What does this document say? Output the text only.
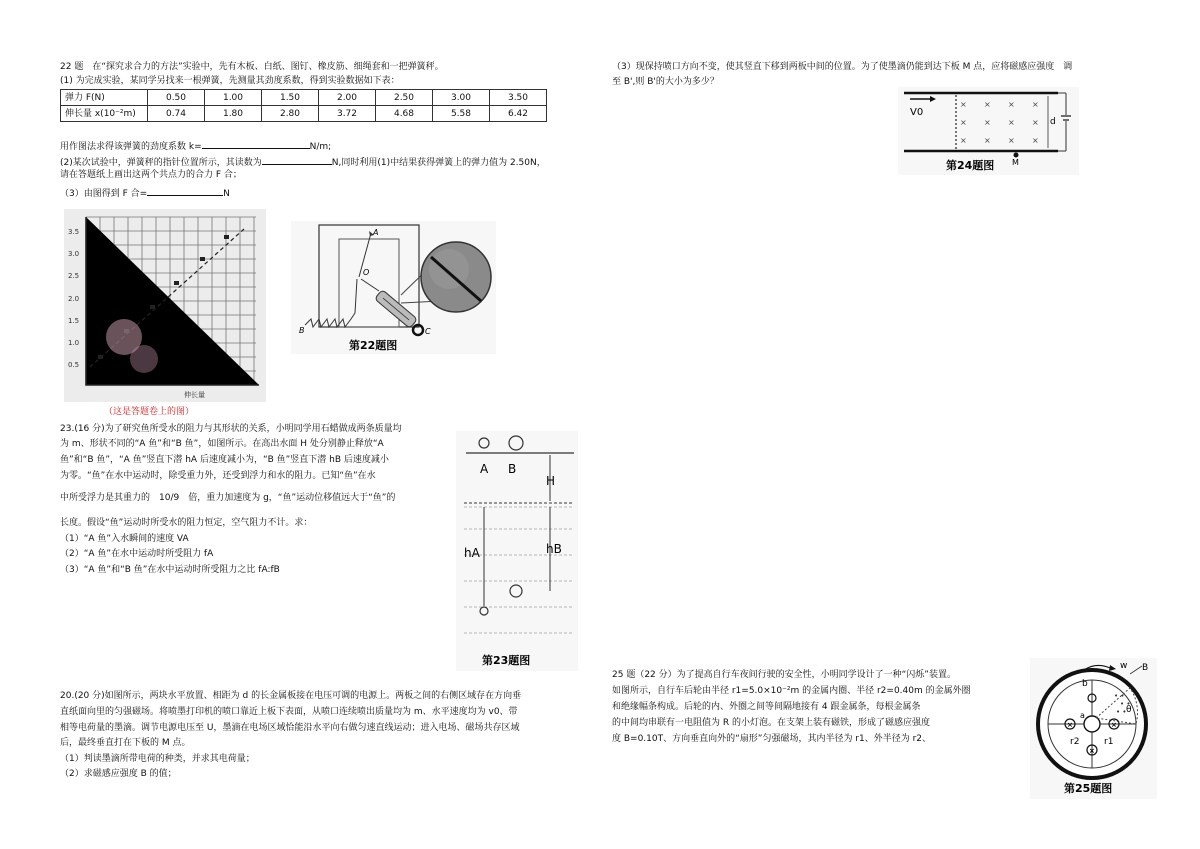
22 题　在“探究求合力的方法”实验中，先有木板、白纸、图钉、橡皮筋、细绳套和一把弹簧秤。
(1) 为完成实验，某同学另找来一根弹簧，先测量其劲度系数，得到实验数据如下表：
弹力 F(N)	0.50	1.00	1.50	2.00	2.50	3.00	3.50
伸长量 x(10⁻²m)	0.74	1.80	2.80	3.72	4.68	5.58	6.42
用作图法求得该弹簧的劲度系数 k=	N/m;
(2)某次试验中，弹簧秤的指针位置所示，其读数为	N,同时利用(1)中结果获得弹簧上的弹力值为 2.50N，
请在答题纸上画出这两个共点力的合力 F 合；
（3）由图得到 F 合=	N
3.5
3.0
2.5
2.0
1.5
1.0
0.5
伸长量
（这是答题卷上的图）
A
O
B	C
第22题图
23.(16 分)为了研究鱼所受水的阻力与其形状的关系，小明同学用石蜡做成两条质量均
为 m、形状不同的“A 鱼”和“B 鱼”，如图所示。在高出水面 H 处分别静止释放“A
鱼”和“B 鱼”，“A 鱼”竖直下潜 hA 后速度减小为，“B 鱼”竖直下潜 hB 后速度减小
为零。“鱼”在水中运动时，除受重力外，还受到浮力和水的阻力。已知“鱼”在水
中所受浮力是其重力的　10/9　倍，重力加速度为 g，“鱼”运动位移值远大于“鱼”的
长度。假设“鱼”运动时所受水的阻力恒定，空气阻力不计。求：
（1）“A 鱼”入水瞬间的速度 VA
（2）“A 鱼”在水中运动时所受阻力 fA
（3）“A 鱼”和“B 鱼”在水中运动时所受阻力之比 fA:fB
A B
H
hB
hA
第23题图
20.(20 分)如图所示，两块水平放置、相距为 d 的长金属板接在电压可调的电源上。两板之间的右侧区域存在方向垂
直纸面向里的匀强磁场。将喷墨打印机的喷口靠近上板下表面，从喷口连续喷出质量均为 m、水平速度均为 v0、带
相等电荷量的墨滴。调节电源电压至 U，墨滴在电场区域恰能沿水平向右做匀速直线运动；进入电场、磁场共存区域
后，最终垂直打在下板的 M 点。
（1）判读墨滴所带电荷的种类，并求其电荷量；
（2）求磁感应强度 B 的值；
（3）现保持喷口方向不变，使其竖直下移到两板中间的位置。为了使墨滴仍能到达下板 M 点，应将磁感应强度　调
至 B',则 B'的大小为多少？
V0
× × × ×
× × × ×
× × × ×
d
M
第24题图
25 题（22 分）为了提高自行车夜间行驶的安全性，小明同学设计了一种“闪烁”装置。
如图所示，自行车后轮由半径 r1=5.0×10⁻²m 的金属内圈、半径 r2=0.40m 的金属外圈
和绝缘幅条构成。后轮的内、外圈之间等间隔地接有 4 跟金属条，每根金属条
的中间均串联有一电阻值为 R 的小灯泡。在支架上装有磁铁，形成了磁感应强度
度 B=0.10T、方向垂直向外的“扇形”匀强磁场，其内半径为 r1、外半径为 r2、
• •
• •
• •
×	×
×
b
a
θ
r2	r1
w B
第25题图
